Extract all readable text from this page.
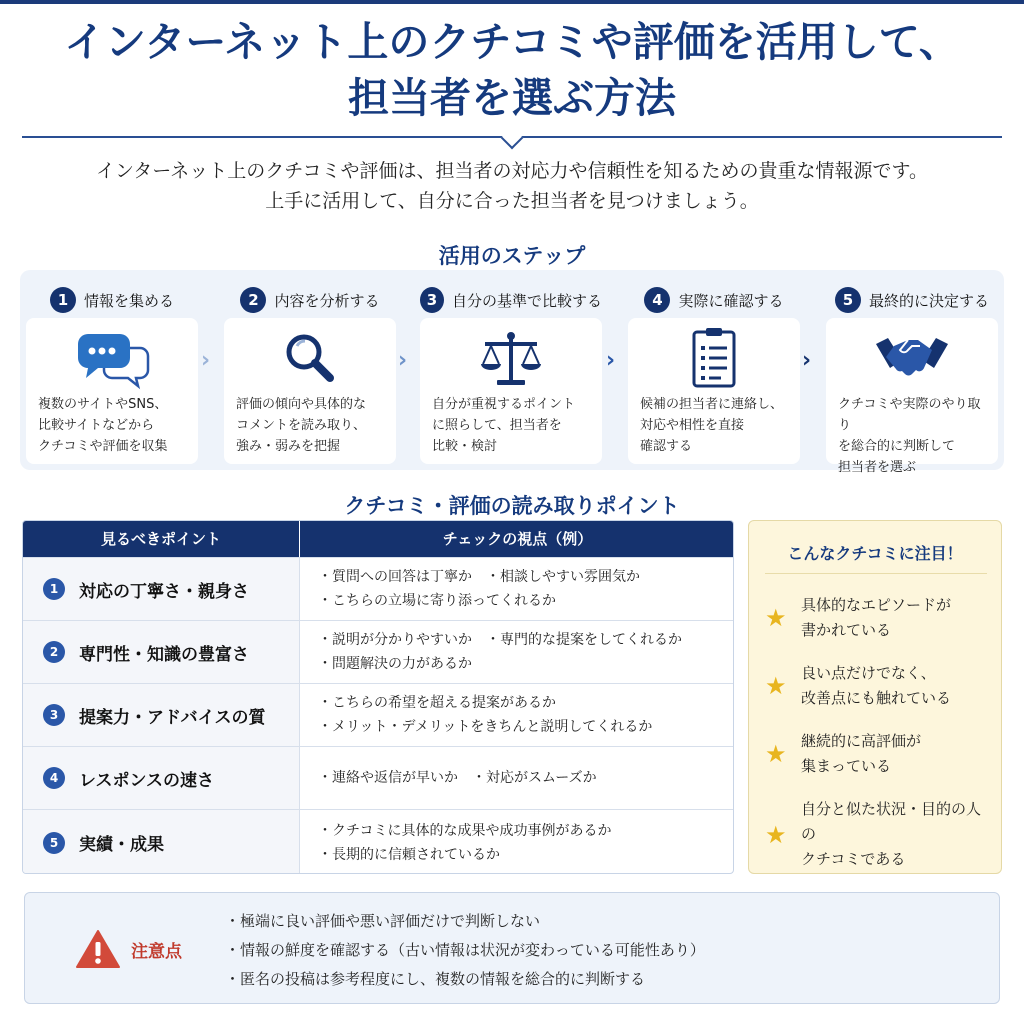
インターネット上のクチコミや評価を活用して、
担当者を選ぶ方法
インターネット上のクチコミや評価は、担当者の対応力や信頼性を知るための貴重な情報源です。
上手に活用して、自分に合った担当者を見つけましょう。
活用のステップ
1	情報を集める
複数のサイトやSNS、
比較サイトなどから
クチコミや評価を収集
›
2	内容を分析する
評価の傾向や具体的な
コメントを読み取り、
強み・弱みを把握
›
3 自分の基準で比較する
自分が重視するポイント
に照らして、担当者を
比較・検討
›
4	実際に確認する
候補の担当者に連絡し、
対応や相性を直接
確認する
›
5	最終的に決定する
クチコミや実際のやり取り
を総合的に判断して
担当者を選ぶ
クチコミ・評価の読み取りポイント
見るべきポイント	チェックの視点（例）
1	対応の丁寧さ・親身さ
・質問への回答は丁寧か　・相談しやすい雰囲気か
・こちらの立場に寄り添ってくれるか
2	専門性・知識の豊富さ
・説明が分かりやすいか　・専門的な提案をしてくれるか
・問題解決の力があるか
3	提案力・アドバイスの質
・こちらの希望を超える提案があるか
・メリット・デメリットをきちんと説明してくれるか
4	レスポンスの速さ	・連絡や返信が早いか　・対応がスムーズか
5	実績・成果
・クチコミに具体的な成果や成功事例があるか
・長期的に信頼されているか
こんなクチコミに注目！
★ 具体的なエピソードが
書かれている
★ 良い点だけでなく、
改善点にも触れている
★ 継続的に高評価が
集まっている
★
自分と似た状況・目的の人の
クチコミである
注意点
・極端に良い評価や悪い評価だけで判断しない
・情報の鮮度を確認する（古い情報は状況が変わっている可能性あり）
・匿名の投稿は参考程度にし、複数の情報を総合的に判断する
